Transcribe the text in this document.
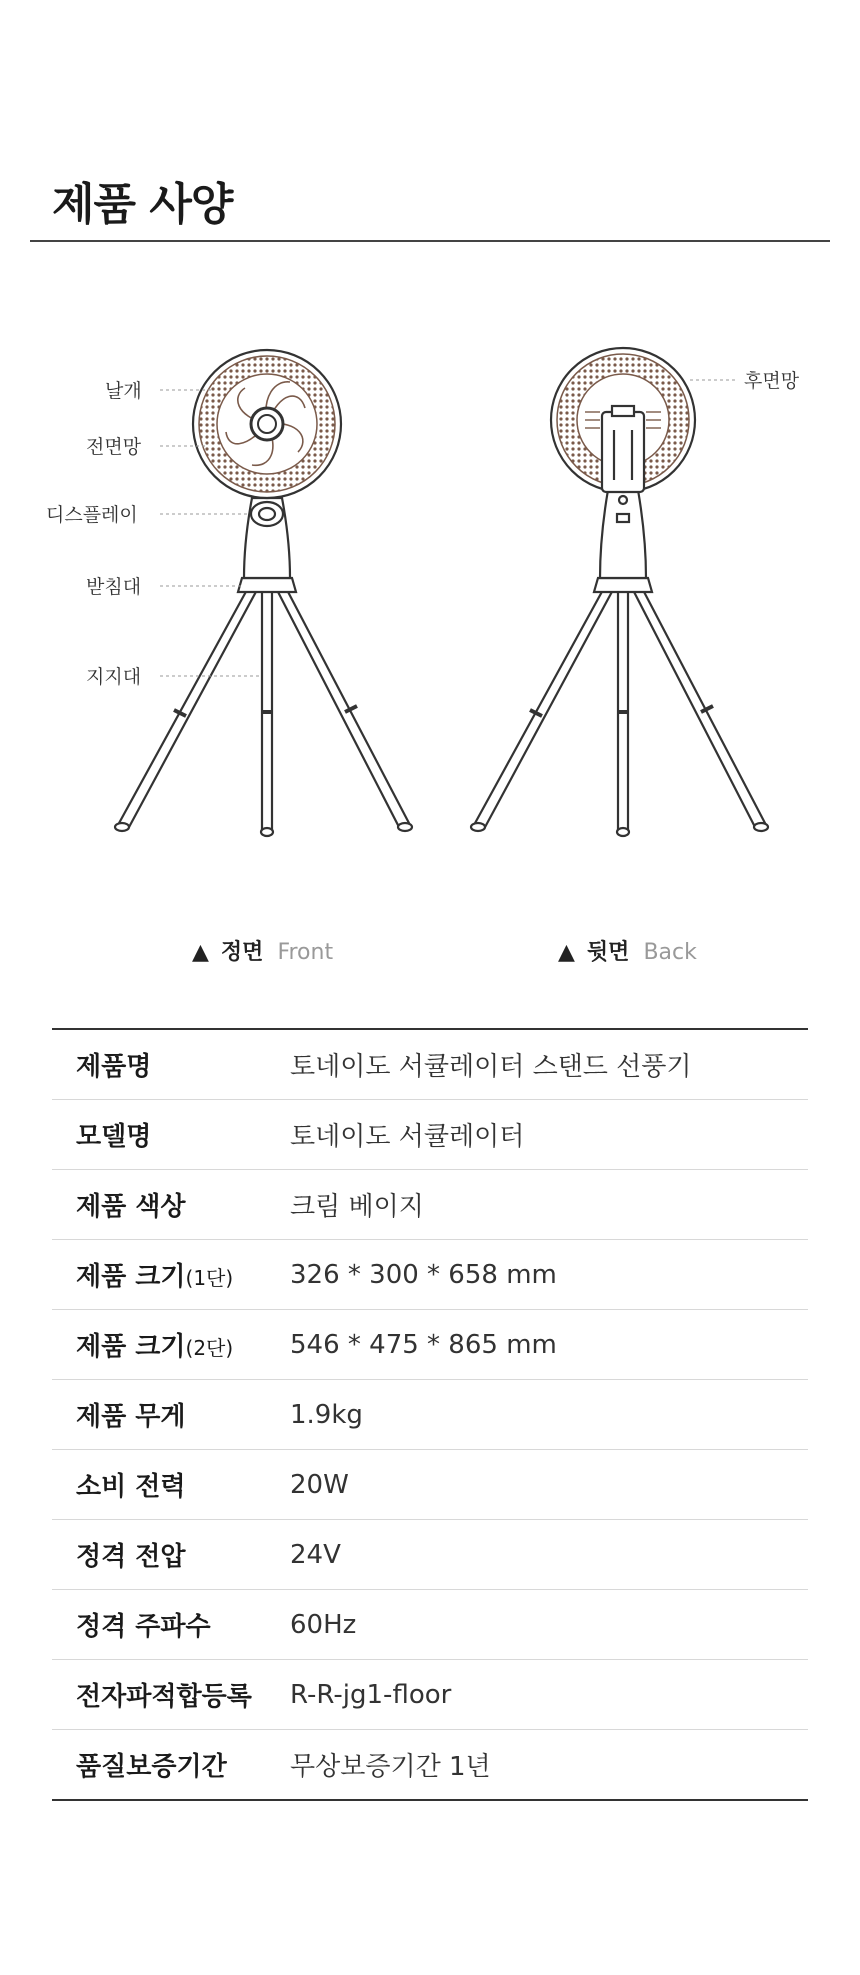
제품 사양
날개
전면망
디스플레이
받침대
지지대
후면망
▲ 정면 Front	▲ 뒷면 Back
제품명	토네이도 서큘레이터 스탠드 선풍기
모델명	토네이도 서큘레이터
제품 색상	크림 베이지
제품 크기(1단)	326 * 300 * 658 mm
제품 크기(2단)	546 * 475 * 865 mm
제품 무게	1.9kg
소비 전력	20W
정격 전압	24V
정격 주파수	60Hz
전자파적합등록	R-R-jg1-floor
품질보증기간	무상보증기간 1년
